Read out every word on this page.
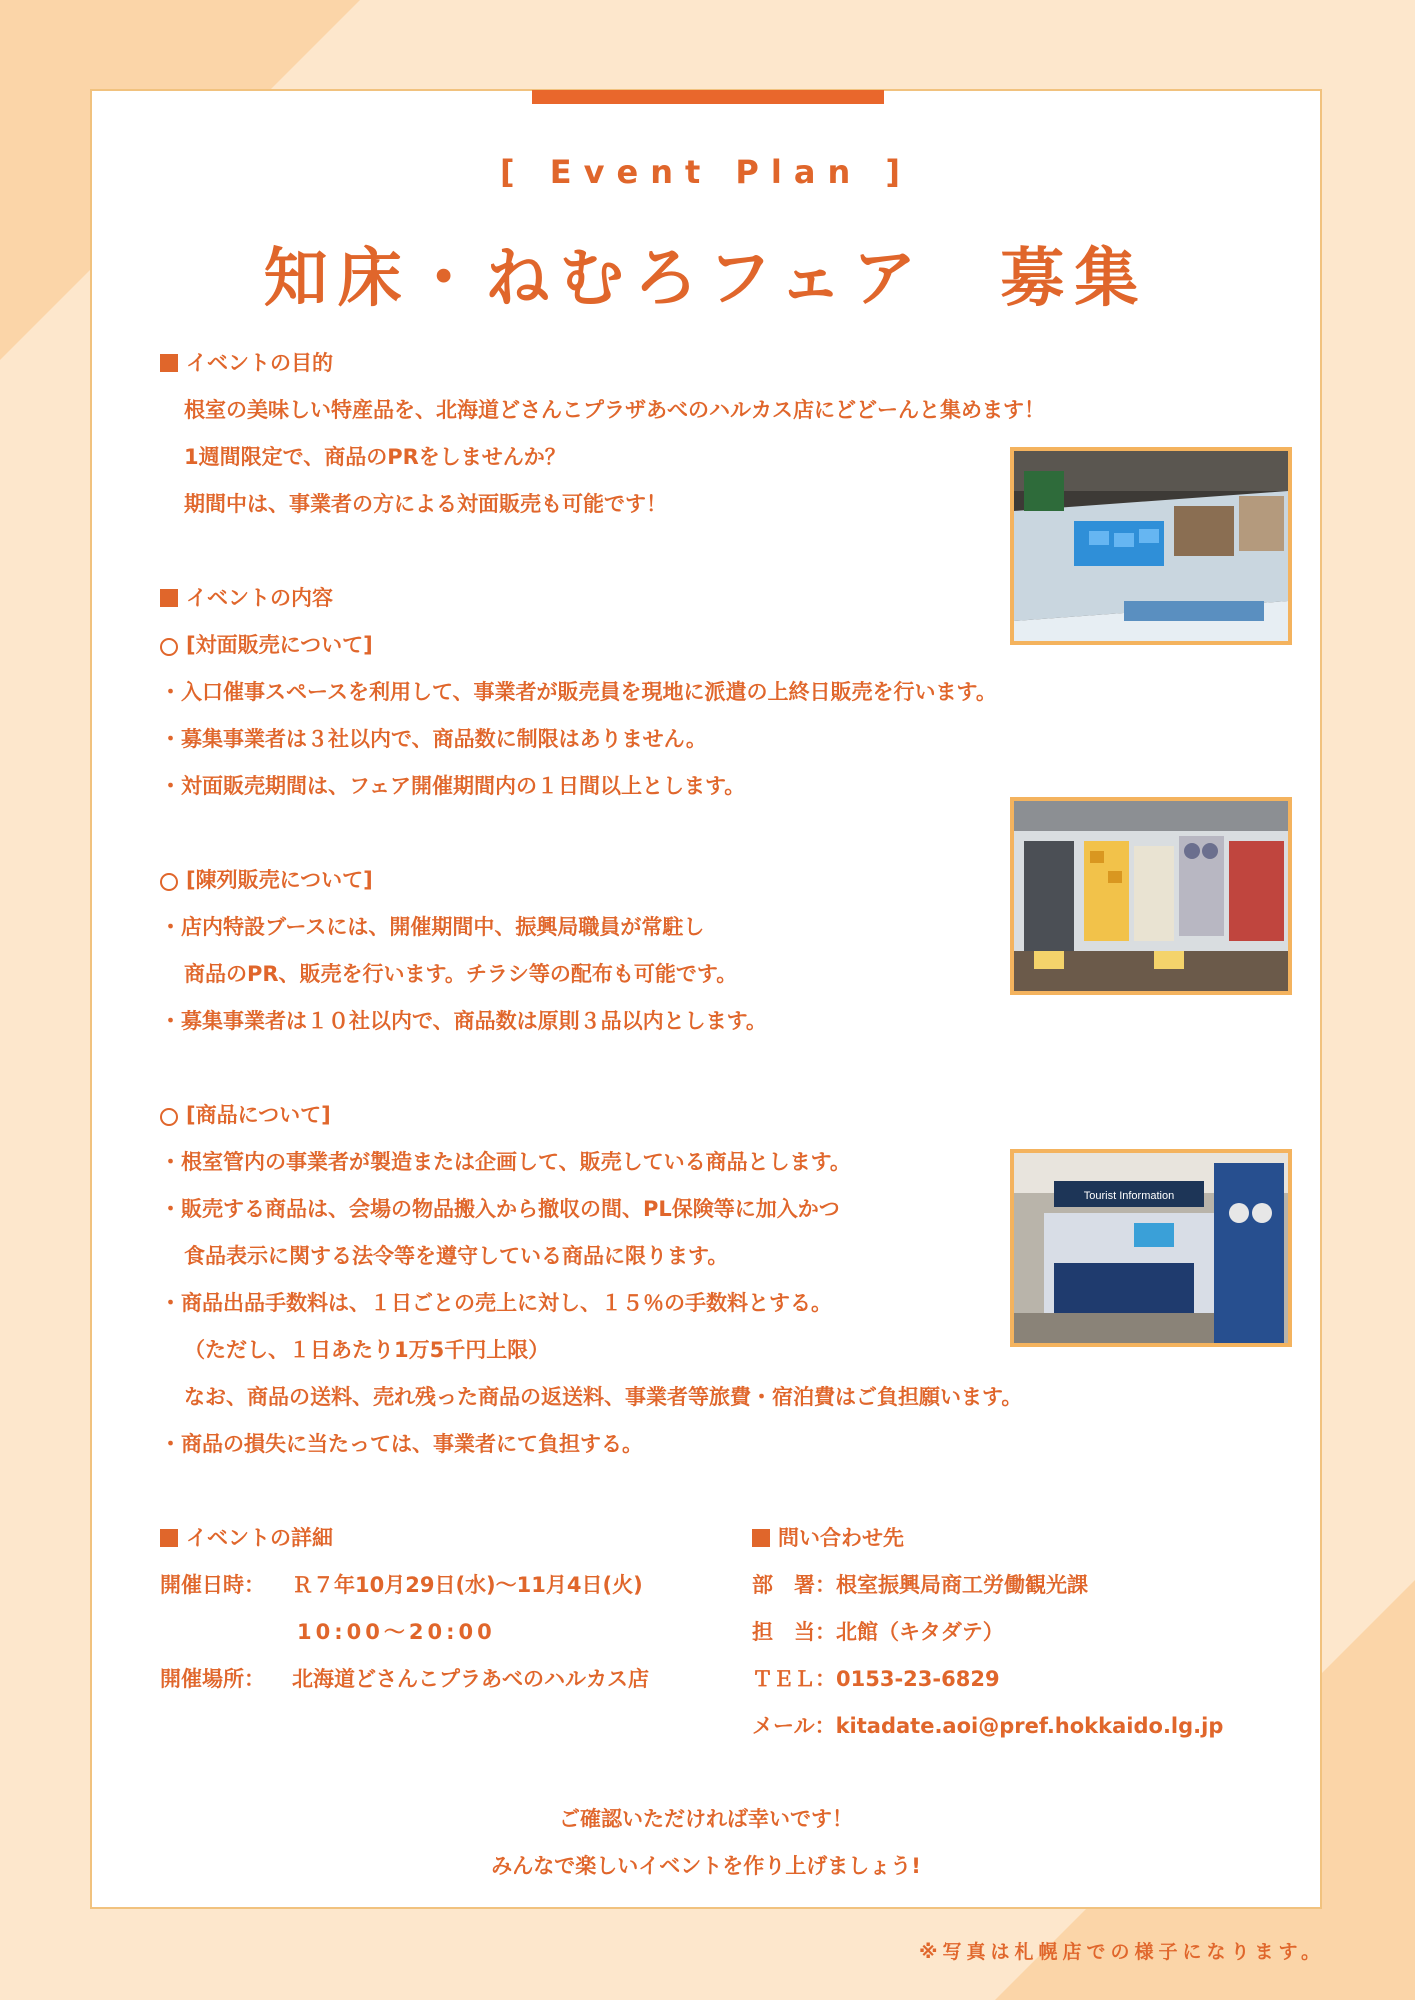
[ Event Plan ]
知床・ねむろフェア　募集
イベントの目的
根室の美味しい特産品を、北海道どさんこプラザあべのハルカス店にどどーんと集めます！
1週間限定で、商品のPRをしませんか？
期間中は、事業者の方による対面販売も可能です！
イベントの内容
[対面販売について]
・入口催事スペースを利用して、事業者が販売員を現地に派遣の上終日販売を行います。
・募集事業者は３社以内で、商品数に制限はありません。
・対面販売期間は、フェア開催期間内の１日間以上とします。
[陳列販売について]
・店内特設ブースには、開催期間中、振興局職員が常駐し
商品のPR、販売を行います。チラシ等の配布も可能です。
・募集事業者は１０社以内で、商品数は原則３品以内とします。
[商品について]
・根室管内の事業者が製造または企画して、販売している商品とします。
・販売する商品は、会場の物品搬入から撤収の間、PL保険等に加入かつ
食品表示に関する法令等を遵守している商品に限ります。
・商品出品手数料は、１日ごとの売上に対し、１５％の手数料とする。
（ただし、１日あたり1万5千円上限）
なお、商品の送料、売れ残った商品の返送料、事業者等旅費・宿泊費はご負担願います。
・商品の損失に当たっては、事業者にて負担する。
イベントの詳細
開催日時： Ｒ７年10月29日(水)～11月4日(火)
10:00～20:00
開催場所： 北海道どさんこプラあべのハルカス店
問い合わせ先
部　署：根室振興局商工労働観光課
担　当：北館（キタダテ）
ＴＥＬ：0153-23-6829
メール：kitadate.aoi@pref.hokkaido.lg.jp
ご確認いただければ幸いです！
みんなで楽しいイベントを作り上げましょう!
Tourist Information
※写真は札幌店での様子になります。
